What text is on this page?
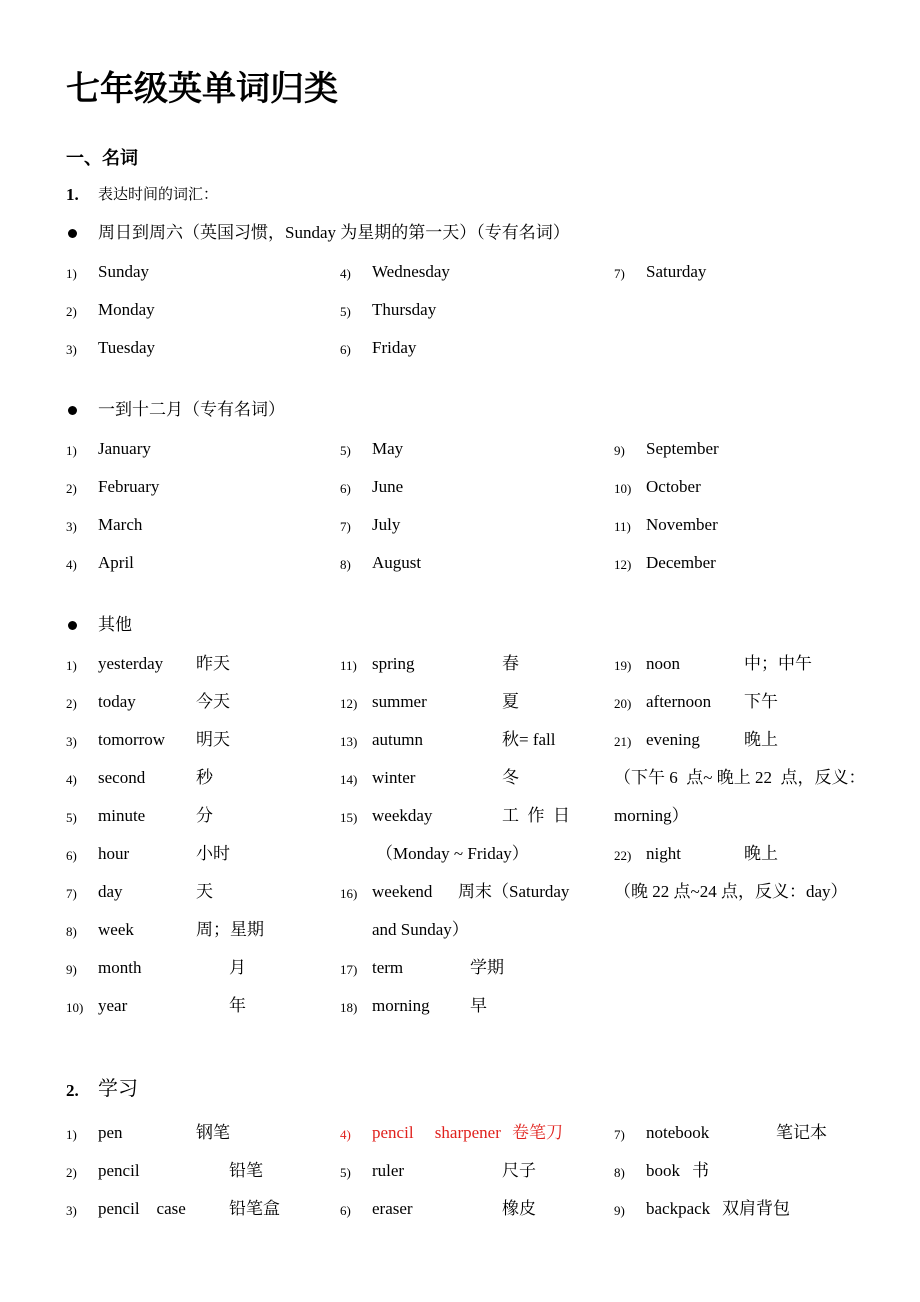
七年级英单词归类
一、名词
1. 表达时间的词汇：
周日到周六（英国习惯，Sunday 为星期的第一天）（专有名词）
1) Sunday
2) Monday
3) Tuesday
4) Wednesday
5) Thursday
6) Friday
7) Saturday
一到十二月（专有名词）
1) January
2) February
3) March
4) April
5) May
6) June
7) July
8) August
9) September
10) October
11) November
12) December
其他
1) yesterday 昨天
2) today	今天
3) tomorrow 明天
4) second	秒
5) minute	分
6) hour	小时
7) day	天
8) week	周；星期
9) month	月
10) year	年
11) spring	春
12) summer	夏
13) autumn	秋= fall
14) winter	冬
15) weekday	工  作  日
（Monday ~ Friday）
16) weekend 周末（Saturday
and Sunday）
17) term	学期
18) morning 早
19) noon	中；中午
20) afternoon 下午
21) evening	晚上
（下午 6  点~ 晚上 22  点，反义：
morning）
22) night	晚上
（晚 22 点~24 点，反义：day）
2. 学习
1) pen	钢笔
2) pencil	铅笔
3) pencil    case	铅笔盒
4) pencil     sharpener 卷笔刀
5) ruler	尺子
6) eraser	橡皮
7) notebook	笔记本
8) book 书
9) backpack 双肩背包
